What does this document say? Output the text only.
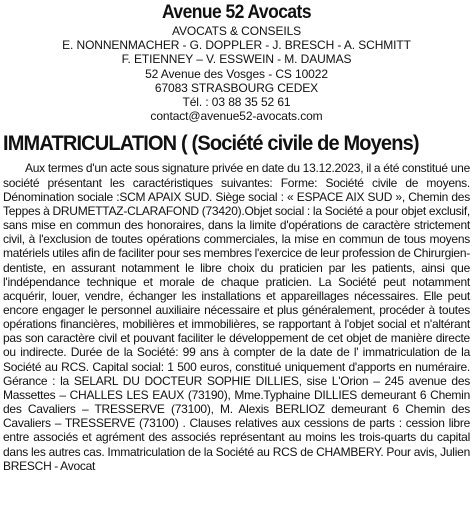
Avenue 52 Avocats

AVOCATS & CONSEILS

E. NONNENMACHER - G. DOPPLER - J. BRESCH - A. SCHMITT

F. ETIENNEY – V. ESSWEIN - M. DAUMAS

52 Avenue des Vosges - CS 10022

67083 STRASBOURG CEDEX

Tél. : 03 88 35 52 61

contact@avenue52-avocats.com

IMMATRICULATION ( (Société civile de Moyens)

Aux termes d'un acte sous signature privée en date du 13.12.2023, il a été constitué une société présentant les caractéristiques suivantes: Forme: Société civile de moyens. Dénomination sociale :SCM APAIX SUD. Siège social : « ESPACE AIX SUD », Chemin des Teppes à DRUMETTAZ-CLARAFOND (73420).Objet social : la Société a pour objet exclusif, sans mise en commun des honoraires, dans la limite d'opérations de caractère strictement civil, à l'exclusion de toutes opérations commerciales, la mise en commun de tous moyens matériels utiles afin de faciliter pour ses membres l'exercice de leur profession de Chirurgien-dentiste, en assurant notamment le libre choix du praticien par les patients, ainsi que l'indépendance technique et morale de chaque praticien. La Société peut notamment acquérir, louer, vendre, échanger les installations et appareillages nécessaires. Elle peut encore engager le personnel auxiliaire nécessaire et plus généralement, procéder à toutes opérations financières, mobilières et immobilières, se rapportant à l'objet social et n'altérant pas son caractère civil et pouvant faciliter le développement de cet objet de manière directe ou indirecte. Durée de la Société: 99 ans à compter de la date de l' immatriculation de la Société au RCS. Capital social: 1 500 euros, constitué uniquement d'apports en numéraire. Gérance : la SELARL DU DOCTEUR SOPHIE DILLIES, sise L'Orion – 245 avenue des Massettes – CHALLES LES EAUX (73190), Mme.Typhaine DILLIES demeurant 6 Chemin des Cavaliers – TRESSERVE (73100), M. Alexis BERLIOZ demeurant 6 Chemin des Cavaliers – TRESSERVE (73100) . Clauses relatives aux cessions de parts : cession libre entre associés et agrément des associés représentant au moins les trois-quarts du capital dans les autres cas. Immatriculation de la Société au RCS de CHAMBERY. Pour avis, Julien BRESCH - Avocat
